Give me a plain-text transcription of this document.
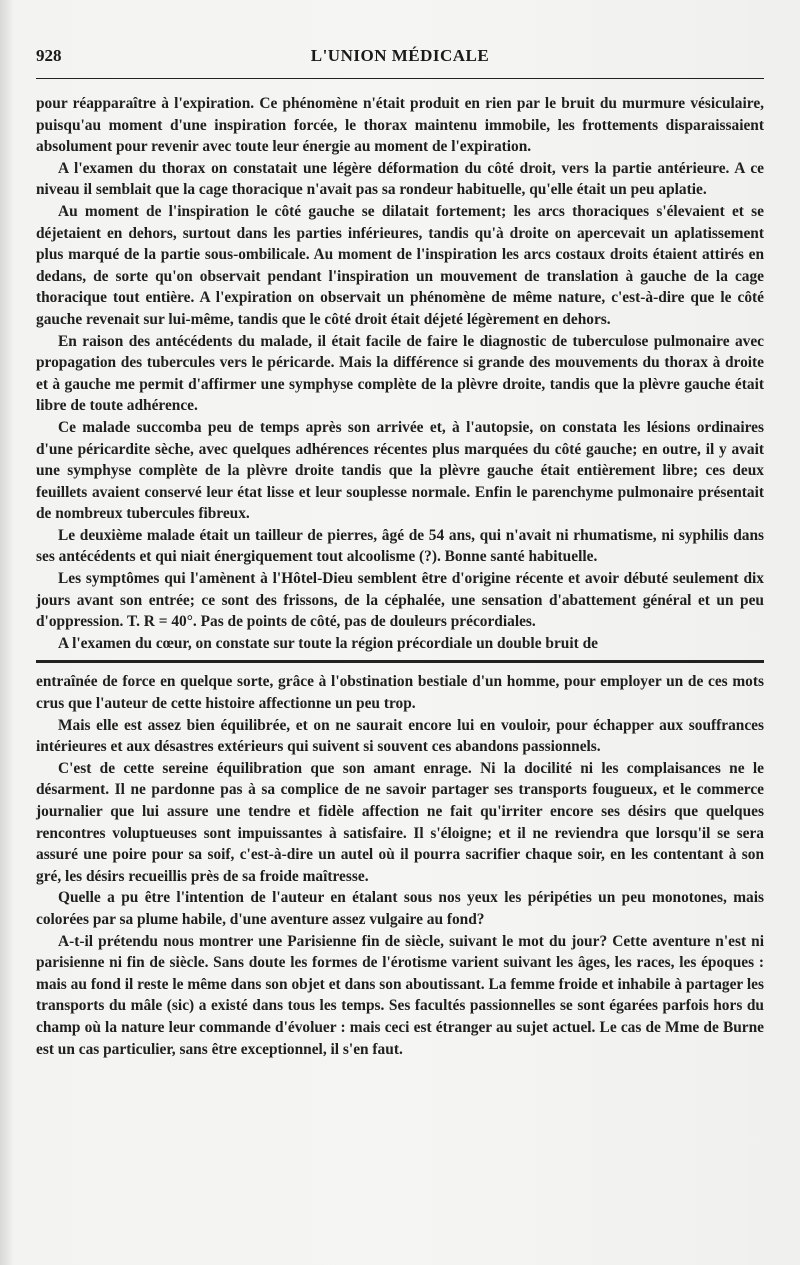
928	L'UNION MÉDICALE

pour réapparaître à l'expiration. Ce phénomène n'était produit en rien par le bruit du murmure vésiculaire, puisqu'au moment d'une inspiration forcée, le thorax maintenu immobile, les frottements disparaissaient absolument pour revenir avec toute leur énergie au moment de l'expiration.

A l'examen du thorax on constatait une légère déformation du côté droit, vers la partie antérieure. A ce niveau il semblait que la cage thoracique n'avait pas sa rondeur habituelle, qu'elle était un peu aplatie.

Au moment de l'inspiration le côté gauche se dilatait fortement; les arcs thoraciques s'élevaient et se déjetaient en dehors, surtout dans les parties inférieures, tandis qu'à droite on apercevait un aplatissement plus marqué de la partie sous-ombilicale. Au moment de l'inspiration les arcs costaux droits étaient attirés en dedans, de sorte qu'on observait pendant l'inspiration un mouvement de translation à gauche de la cage thoracique tout entière. A l'expiration on observait un phénomène de même nature, c'est-à-dire que le côté gauche revenait sur lui-même, tandis que le côté droit était déjeté légèrement en dehors.

En raison des antécédents du malade, il était facile de faire le diagnostic de tuberculose pulmonaire avec propagation des tubercules vers le péricarde. Mais la différence si grande des mouvements du thorax à droite et à gauche me permit d'affirmer une symphyse complète de la plèvre droite, tandis que la plèvre gauche était libre de toute adhérence.

Ce malade succomba peu de temps après son arrivée et, à l'autopsie, on constata les lésions ordinaires d'une péricardite sèche, avec quelques adhérences récentes plus marquées du côté gauche; en outre, il y avait une symphyse complète de la plèvre droite tandis que la plèvre gauche était entièrement libre; ces deux feuillets avaient conservé leur état lisse et leur souplesse normale. Enfin le parenchyme pulmonaire présentait de nombreux tubercules fibreux.

Le deuxième malade était un tailleur de pierres, âgé de 54 ans, qui n'avait ni rhumatisme, ni syphilis dans ses antécédents et qui niait énergiquement tout alcoolisme (?). Bonne santé habituelle.

Les symptômes qui l'amènent à l'Hôtel-Dieu semblent être d'origine récente et avoir débuté seulement dix jours avant son entrée; ce sont des frissons, de la céphalée, une sensation d'abattement général et un peu d'oppression. T. R = 40°. Pas de points de côté, pas de douleurs précordiales.

A l'examen du cœur, on constate sur toute la région précordiale un double bruit de

entraînée de force en quelque sorte, grâce à l'obstination bestiale d'un homme, pour employer un de ces mots crus que l'auteur de cette histoire affectionne un peu trop.

Mais elle est assez bien équilibrée, et on ne saurait encore lui en vouloir, pour échapper aux souffrances intérieures et aux désastres extérieurs qui suivent si souvent ces abandons passionnels.

C'est de cette sereine équilibration que son amant enrage. Ni la docilité ni les complaisances ne le désarment. Il ne pardonne pas à sa complice de ne savoir partager ses transports fougueux, et le commerce journalier que lui assure une tendre et fidèle affection ne fait qu'irriter encore ses désirs que quelques rencontres voluptueuses sont impuissantes à satisfaire. Il s'éloigne; et il ne reviendra que lorsqu'il se sera assuré une poire pour sa soif, c'est-à-dire un autel où il pourra sacrifier chaque soir, en les contentant à son gré, les désirs recueillis près de sa froide maîtresse.

Quelle a pu être l'intention de l'auteur en étalant sous nos yeux les péripéties un peu monotones, mais colorées par sa plume habile, d'une aventure assez vulgaire au fond?

A-t-il prétendu nous montrer une Parisienne fin de siècle, suivant le mot du jour? Cette aventure n'est ni parisienne ni fin de siècle. Sans doute les formes de l'érotisme varient suivant les âges, les races, les époques : mais au fond il reste le même dans son objet et dans son aboutissant. La femme froide et inhabile à partager les transports du mâle (sic) a existé dans tous les temps. Ses facultés passionnelles se sont égarées parfois hors du champ où la nature leur commande d'évoluer : mais ceci est étranger au sujet actuel. Le cas de Mme de Burne est un cas particulier, sans être exceptionnel, il s'en faut.
